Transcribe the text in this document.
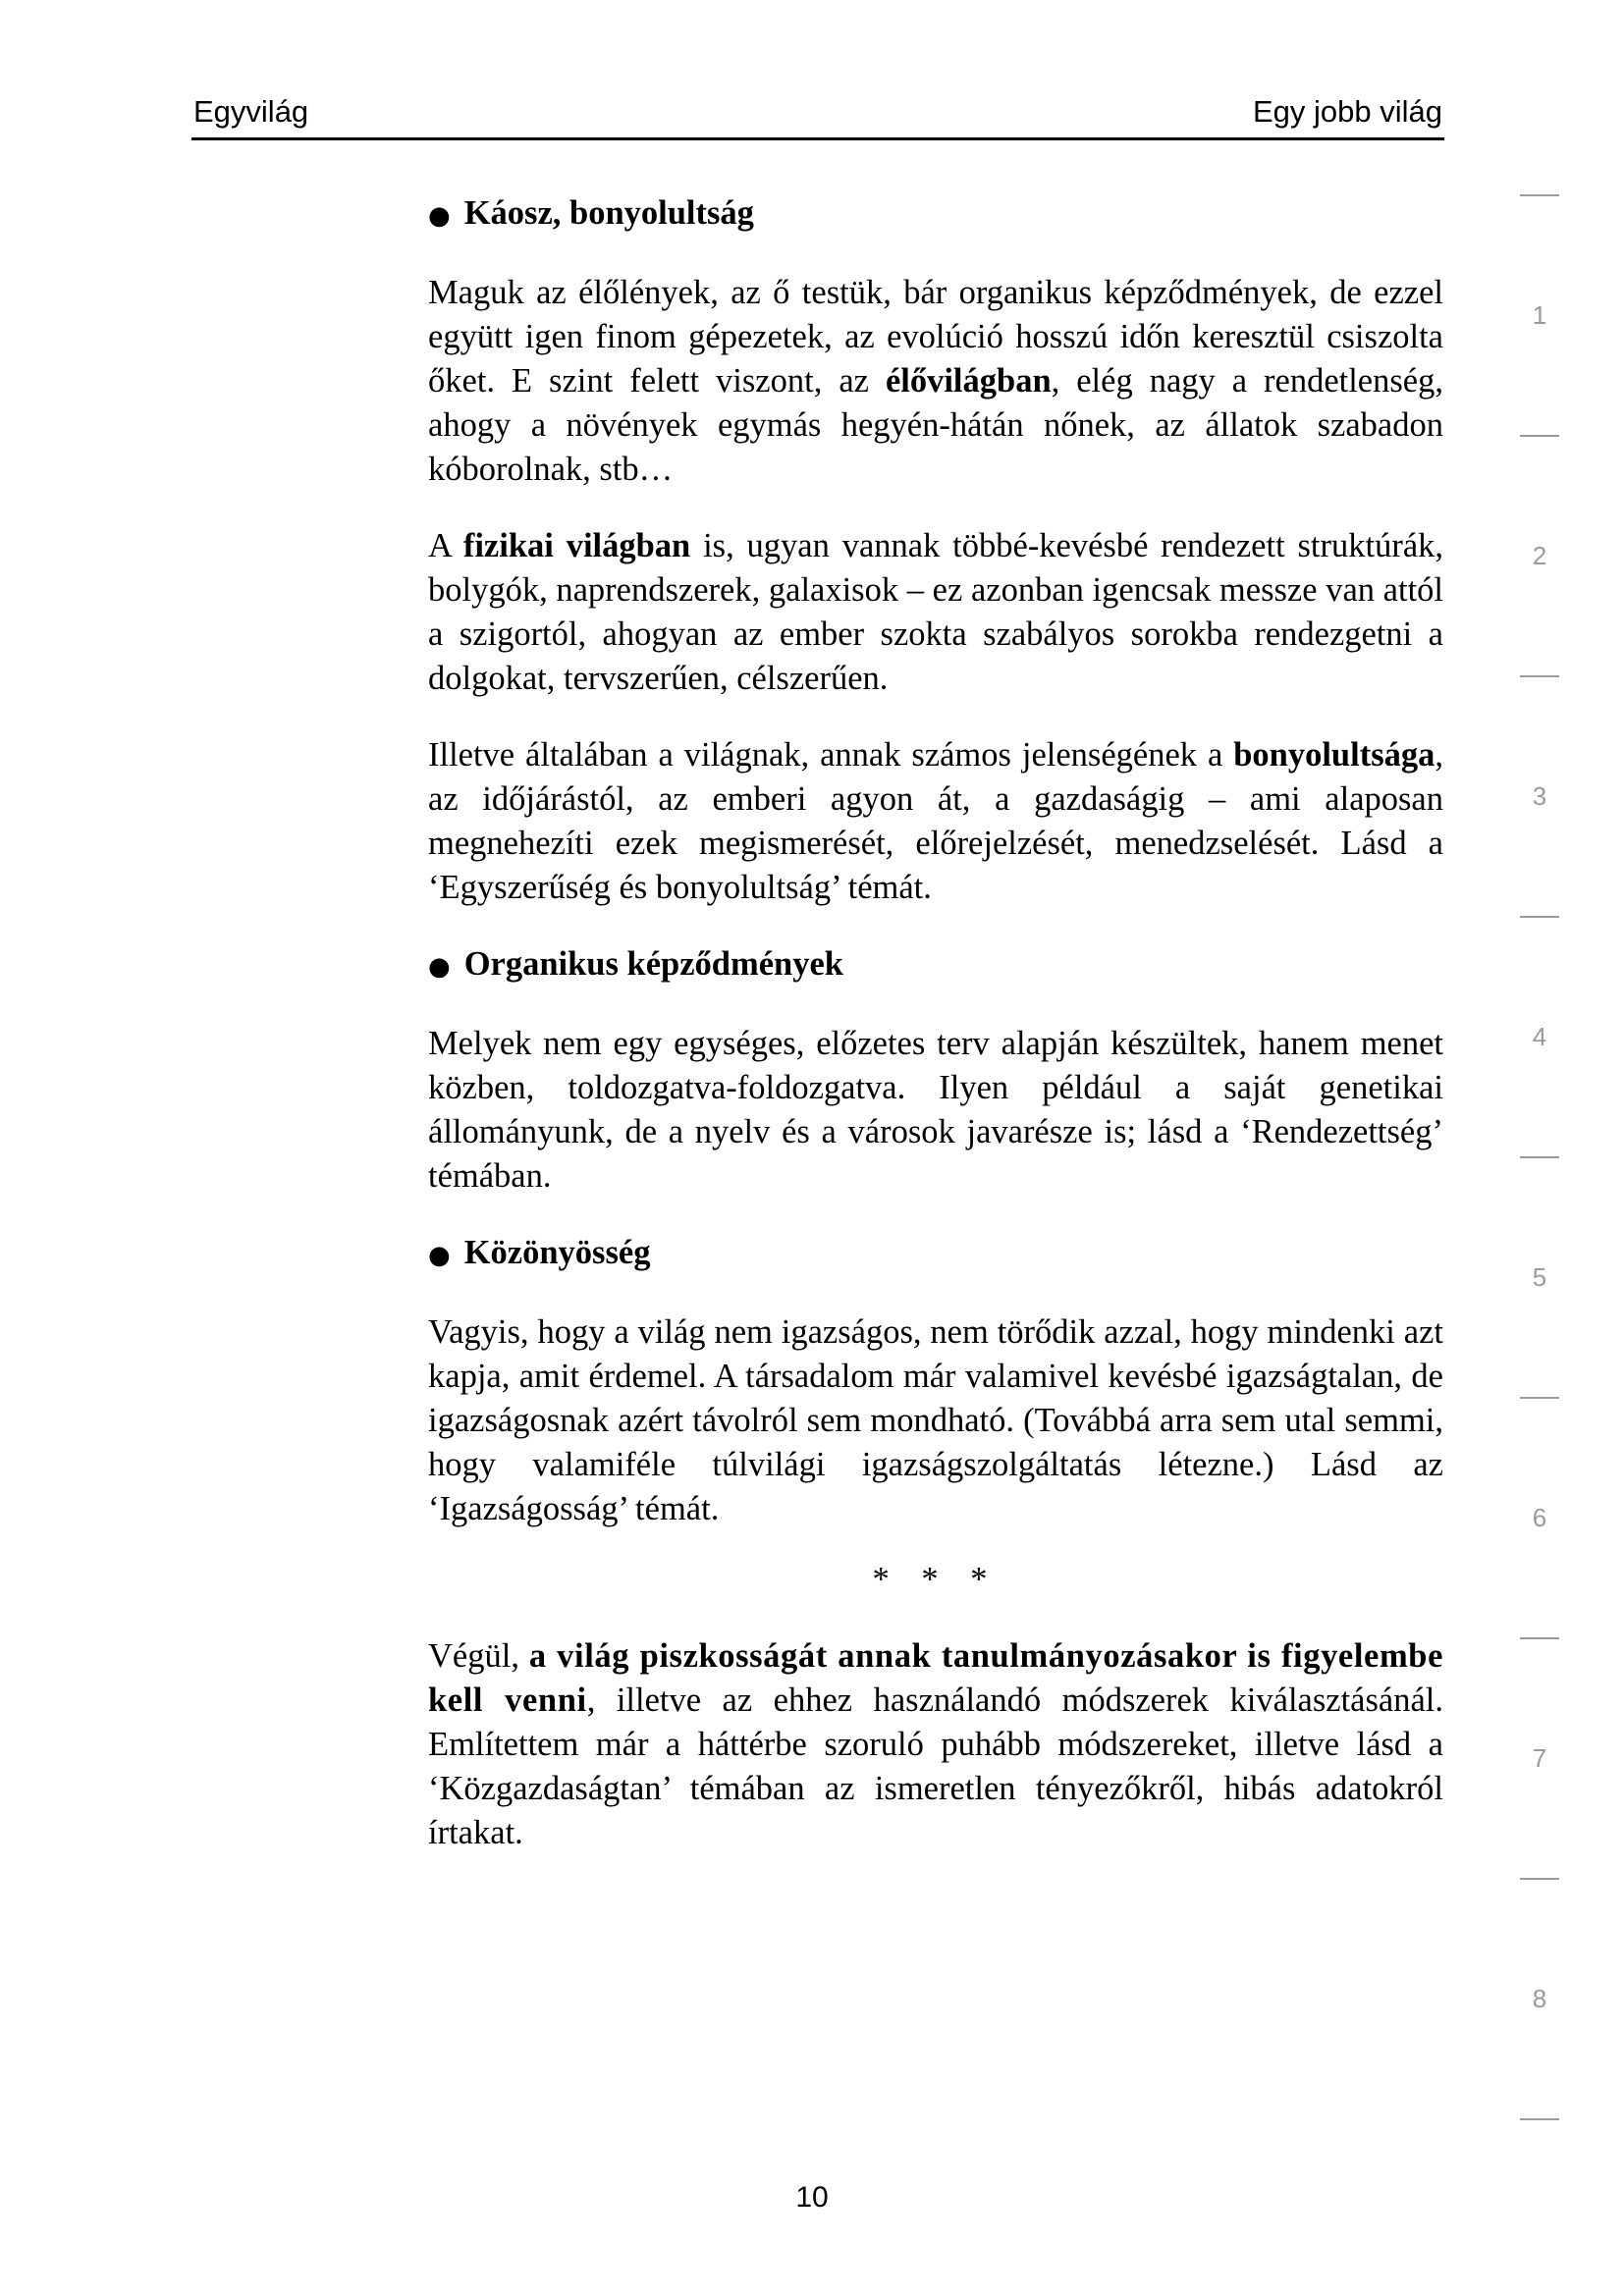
Egyvilág	Egy jobb világ
● Káosz, bonyolultság

Maguk az élőlények, az ő testük, bár organikus képződmények, de ezzel együtt igen finom gépezetek, az evolúció hosszú időn keresztül csiszolta őket. E szint felett viszont, az élővilágban, elég nagy a rendetlenség, ahogy a növények egymás hegyén-hátán nőnek, az állatok szabadon kóborolnak, stb…

A fizikai világban is, ugyan vannak többé-kevésbé rendezett struktúrák, bolygók, naprendszerek, galaxisok – ez azonban igencsak messze van attól a szigortól, ahogyan az ember szokta szabályos sorokba rendezgetni a dolgokat, tervszerűen, célszerűen.

Illetve általában a világnak, annak számos jelenségének a bonyolultsága, az időjárástól, az emberi agyon át, a gazdaságig – ami alaposan megnehezíti ezek megismerését, előrejelzését, menedzselését. Lásd a ‘Egyszerűség és bonyolultság’ témát.

● Organikus képződmények

Melyek nem egy egységes, előzetes terv alapján készültek, hanem menet közben, toldozgatva-foldozgatva. Ilyen például a saját genetikai állományunk, de a nyelv és a városok javarésze is; lásd a ‘Rendezettség’ témában.

● Közönyösség

Vagyis, hogy a világ nem igazságos, nem törődik azzal, hogy mindenki azt kapja, amit érdemel. A társadalom már valamivel kevésbé igazságtalan, de igazságosnak azért távolról sem mondható. (Továbbá arra sem utal semmi, hogy valamiféle túlvilági igazságszolgáltatás létezne.) Lásd az ‘Igazságosság’ témát.

* * *

Végül, a világ piszkosságát annak tanulmányozásakor is figyelembe kell venni, illetve az ehhez használandó módszerek kiválasztásánál. Említettem már a háttérbe szoruló puhább módszereket, illetve lásd a ‘Közgazdaságtan’ témában az ismeretlen tényezőkről, hibás adatokról írtakat.

1
2
3
4
5
6
7
8
10
